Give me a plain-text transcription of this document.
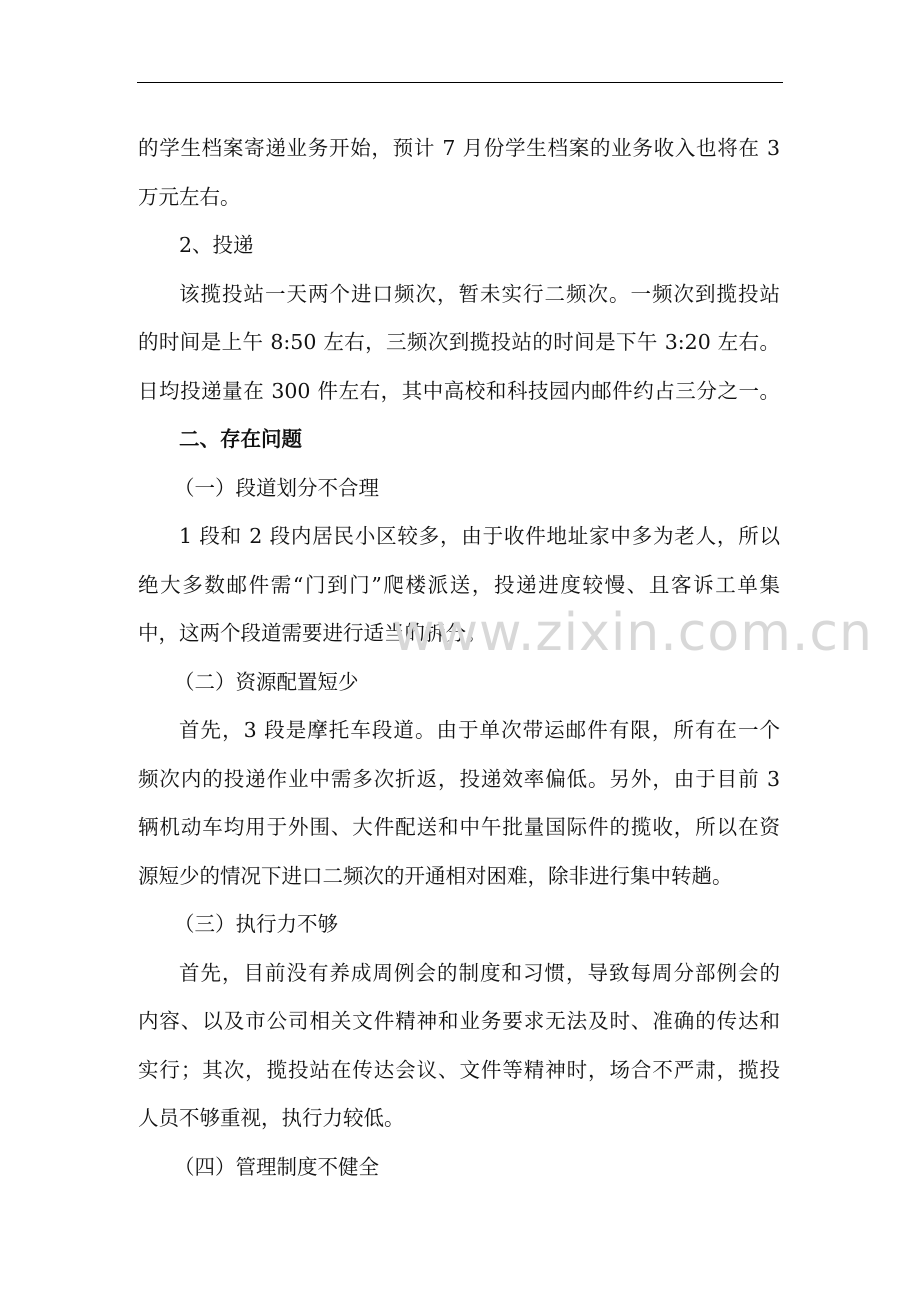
的学生档案寄递业务开始，预计 7 月份学生档案的业务收入也将在 3
万元左右。
2、投递
该揽投站一天两个进口频次，暂未实行二频次。一频次到揽投站
的时间是上午 8:50 左右，三频次到揽投站的时间是下午 3:20 左右。
日均投递量在 300 件左右，其中高校和科技园内邮件约占三分之一。
二、存在问题
（一）段道划分不合理
1 段和 2 段内居民小区较多，由于收件地址家中多为老人，所以
绝大多数邮件需“门到门”爬楼派送，投递进度较慢、且客诉工单集
中，这两个段道需要进行适当的拆分。
（二）资源配置短少
首先，3 段是摩托车段道。由于单次带运邮件有限，所有在一个
频次内的投递作业中需多次折返，投递效率偏低。另外，由于目前 3
辆机动车均用于外围、大件配送和中午批量国际件的揽收，所以在资
源短少的情况下进口二频次的开通相对困难，除非进行集中转趟。
（三）执行力不够
首先，目前没有养成周例会的制度和习惯，导致每周分部例会的
内容、以及市公司相关文件精神和业务要求无法及时、准确的传达和
实行；其次，揽投站在传达会议、文件等精神时，场合不严肃，揽投
人员不够重视，执行力较低。
（四）管理制度不健全
www.zixin.com.cn
